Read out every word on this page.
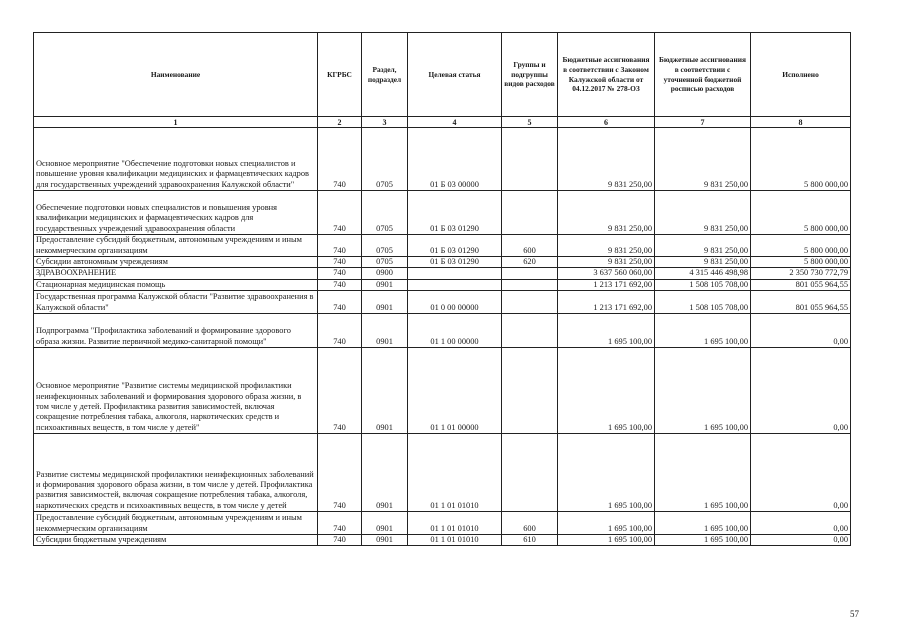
Наименование	КГРБС	Раздел, подраздел	Целевая статья	Группы и подгруппы видов расходов	Бюджетные ассигнования в соответствии с Законом Калужской области от 04.12.2017 № 278-ОЗ	Бюджетные ассигнования в соответствии с уточненной бюджетной росписью расходов	Исполнено
1	2	3	4	5	6	7	8
Основное мероприятие "Обеспечение подготовки новых специалистов и повышение уровня квалификации медицинских и фармацевтических кадров для государственных учреждений здравоохранения Калужской области"	740	0705	01 Б 03 00000		9 831 250,00	9 831 250,00	5 800 000,00
Обеспечение подготовки новых специалистов и повышения уровня квалификации медицинских и фармацевтических кадров для государственных учреждений здравоохранения области	740	0705	01 Б 03 01290		9 831 250,00	9 831 250,00	5 800 000,00
Предоставление субсидий бюджетным, автономным учреждениям и иным некоммерческим организациям	740	0705	01 Б 03 01290	600	9 831 250,00	9 831 250,00	5 800 000,00
Субсидии автономным учреждениям	740	0705	01 Б 03 01290	620	9 831 250,00	9 831 250,00	5 800 000,00
ЗДРАВООХРАНЕНИЕ	740	0900			3 637 560 060,00	4 315 446 498,98	2 350 730 772,79
Стационарная медицинская помощь	740	0901			1 213 171 692,00	1 508 105 708,00	801 055 964,55
Государственная программа Калужской области "Развитие здравоохранения в Калужской области"	740	0901	01 0 00 00000		1 213 171 692,00	1 508 105 708,00	801 055 964,55
Подпрограмма "Профилактика заболеваний и формирование здорового образа жизни. Развитие первичной медико-санитарной помощи"	740	0901	01 1 00 00000		1 695 100,00	1 695 100,00	0,00
Основное мероприятие "Развитие системы медицинской профилактики неинфекционных заболеваний и формирования здорового образа жизни, в том числе у детей. Профилактика развития зависимостей, включая сокращение потребления табака, алкоголя, наркотических средств и психоактивных веществ, в том числе у детей"	740	0901	01 1 01 00000		1 695 100,00	1 695 100,00	0,00
Развитие системы медицинской профилактики неинфекционных заболеваний и формирования здорового образа жизни, в том числе у детей. Профилактика развития зависимостей, включая сокращение потребления табака, алкоголя, наркотических средств и психоактивных веществ, в том числе у детей	740	0901	01 1 01 01010		1 695 100,00	1 695 100,00	0,00
Предоставление субсидий бюджетным, автономным учреждениям и иным некоммерческим организациям	740	0901	01 1 01 01010	600	1 695 100,00	1 695 100,00	0,00
Субсидии бюджетным учреждениям	740	0901	01 1 01 01010	610	1 695 100,00	1 695 100,00	0,00
57
